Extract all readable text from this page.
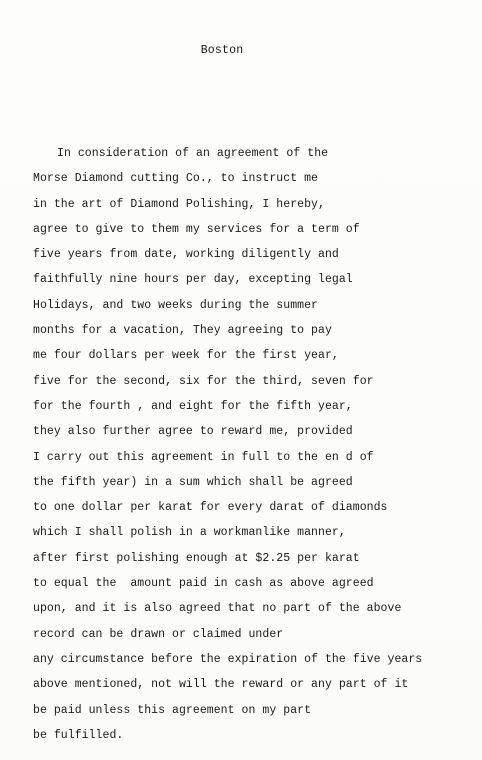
Boston
In consideration of an agreement of the
Morse Diamond cutting Co., to instruct me
in the art of Diamond Polishing, I hereby,
agree to give to them my services for a term of
five years from date, working diligently and
faithfully nine hours per day, excepting legal
Holidays, and two weeks during the summer
months for a vacation, They agreeing to pay
me four dollars per week for the first year,
five for the second, six for the third, seven for
for the fourth , and eight for the fifth year,
they also further agree to reward me, provided
I carry out this agreement in full to the en d of
the fifth year) in a sum which shall be agreed
to one dollar per karat for every darat of diamonds
which I shall polish in a workmanlike manner,
after first polishing enough at $2.25 per karat
to equal the  amount paid in cash as above agreed
upon, and it is also agreed that no part of the above
record can be drawn or claimed under
any circumstance before the expiration of the five years
above mentioned, not will the reward or any part of it
be paid unless this agreement on my part
be fulfilled.
